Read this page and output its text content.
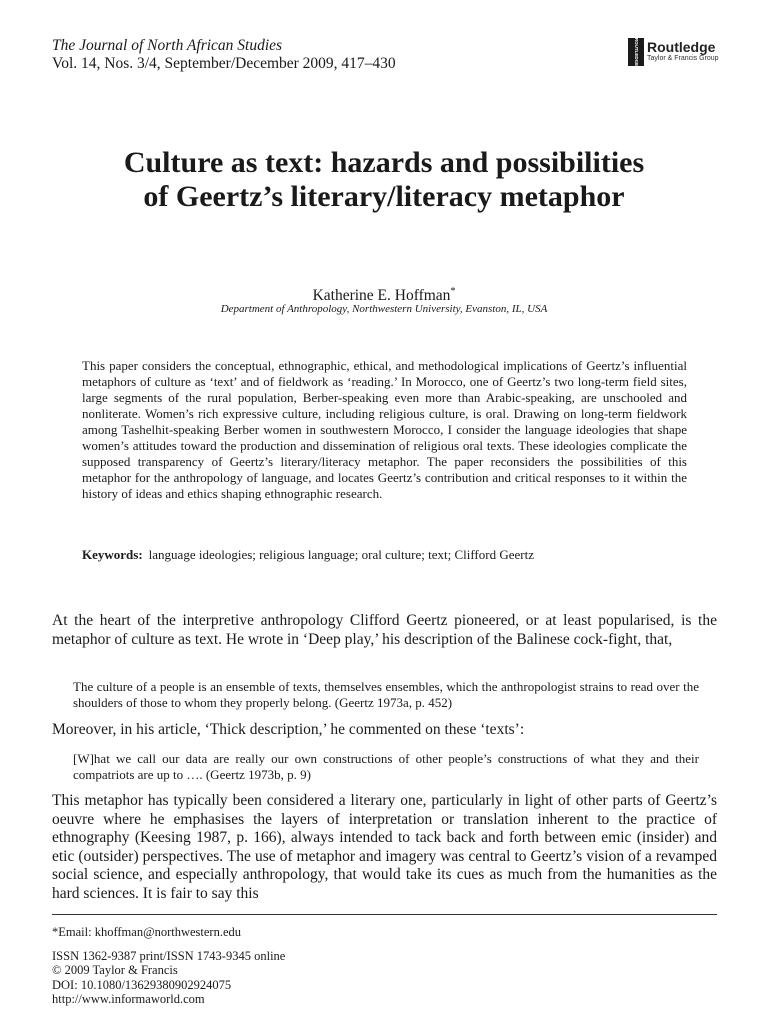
The Journal of North African Studies
Vol. 14, Nos. 3/4, September/December 2009, 417–430	ROUTLEDGE Routledge
Taylor & Francis Group
Culture as text: hazards and possibilities
of Geertz’s literary/literacy metaphor
Katherine E. Hoffman*
Department of Anthropology, Northwestern University, Evanston, IL, USA
This paper considers the conceptual, ethnographic, ethical, and methodological implications of Geertz’s influential metaphors of culture as ‘text’ and of fieldwork as ‘reading.’ In Morocco, one of Geertz’s two long-term field sites, large segments of the rural population, Berber-speaking even more than Arabic-speaking, are unschooled and nonliterate. Women’s rich expressive culture, including religious culture, is oral. Drawing on long-term fieldwork among Tashelhit-speaking Berber women in southwestern Morocco, I consider the language ideologies that shape women’s attitudes toward the production and dissemination of religious oral texts. These ideologies complicate the supposed transparency of Geertz’s literary/literacy metaphor. The paper reconsiders the possibilities of this metaphor for the anthropology of language, and locates Geertz’s contribution and critical responses to it within the history of ideas and ethics shaping ethnographic research.
Keywords: language ideologies; religious language; oral culture; text; Clifford Geertz
At the heart of the interpretive anthropology Clifford Geertz pioneered, or at least popularised, is the metaphor of culture as text. He wrote in ‘Deep play,’ his description of the Balinese cock-fight, that,
The culture of a people is an ensemble of texts, themselves ensembles, which the anthropologist strains to read over the shoulders of those to whom they properly belong. (Geertz 1973a, p. 452)
Moreover, in his article, ‘Thick description,’ he commented on these ‘texts’:
[W]hat we call our data are really our own constructions of other people’s constructions of what they and their compatriots are up to …. (Geertz 1973b, p. 9)
This metaphor has typically been considered a literary one, particularly in light of other parts of Geertz’s oeuvre where he emphasises the layers of interpretation or translation inherent to the practice of ethnography (Keesing 1987, p. 166), always intended to tack back and forth between emic (insider) and etic (outsider) perspectives. The use of metaphor and imagery was central to Geertz’s vision of a revamped social science, and especially anthropology, that would take its cues as much from the humanities as the hard sciences. It is fair to say this
*Email: khoffman@northwestern.edu
ISSN 1362-9387 print/ISSN 1743-9345 online
© 2009 Taylor & Francis
DOI: 10.1080/13629380902924075
http://www.informaworld.com
